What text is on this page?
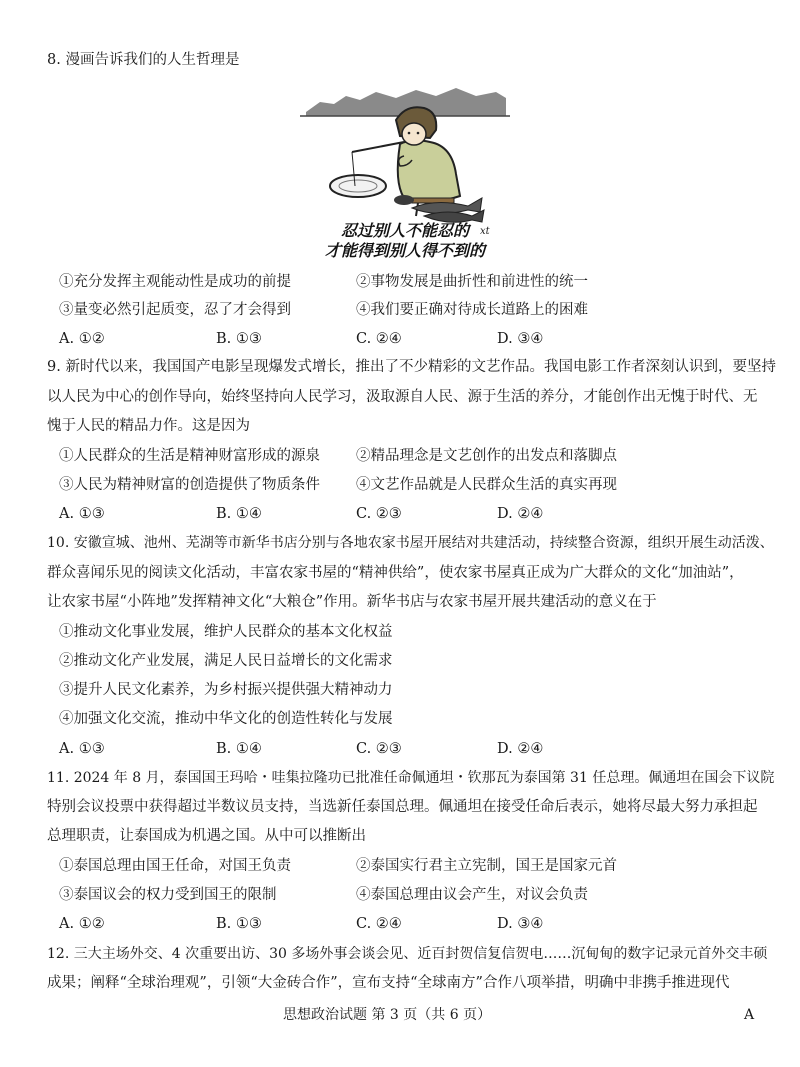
8. 漫画告诉我们的人生哲理是
xt
忍过别人不能忍的
才能得到别人得不到的
①充分发挥主观能动性是成功的前提	②事物发展是曲折性和前进性的统一
③量变必然引起质变，忍了才会得到	④我们要正确对待成长道路上的困难
A. ①②	B. ①③	C. ②④	D. ③④
9. 新时代以来，我国国产电影呈现爆发式增长，推出了不少精彩的文艺作品。我国电影工作者深刻认识到，要坚持
以人民为中心的创作导向，始终坚持向人民学习，汲取源自人民、源于生活的养分，才能创作出无愧于时代、无
愧于人民的精品力作。这是因为
①人民群众的生活是精神财富形成的源泉 ②精品理念是文艺创作的出发点和落脚点
③人民为精神财富的创造提供了物质条件 ④文艺作品就是人民群众生活的真实再现
A. ①③	B. ①④	C. ②③	D. ②④
10. 安徽宣城、池州、芜湖等市新华书店分别与各地农家书屋开展结对共建活动，持续整合资源，组织开展生动活泼、
群众喜闻乐见的阅读文化活动，丰富农家书屋的“精神供给”，使农家书屋真正成为广大群众的文化“加油站”，
让农家书屋“小阵地”发挥精神文化“大粮仓”作用。新华书店与农家书屋开展共建活动的意义在于
①推动文化事业发展，维护人民群众的基本文化权益
②推动文化产业发展，满足人民日益增长的文化需求
③提升人民文化素养，为乡村振兴提供强大精神动力
④加强文化交流，推动中华文化的创造性转化与发展
A. ①③	B. ①④	C. ②③	D. ②④
11. 2024 年 8 月，泰国国王玛哈・哇集拉隆功已批准任命佩通坦・钦那瓦为泰国第 31 任总理。佩通坦在国会下议院
特别会议投票中获得超过半数议员支持，当选新任泰国总理。佩通坦在接受任命后表示，她将尽最大努力承担起
总理职责，让泰国成为机遇之国。从中可以推断出
①泰国总理由国王任命，对国王负责	②泰国实行君主立宪制，国王是国家元首
③泰国议会的权力受到国王的限制	④泰国总理由议会产生，对议会负责
A. ①②	B. ①③	C. ②④	D. ③④
12. 三大主场外交、4 次重要出访、30 多场外事会谈会见、近百封贺信复信贺电……沉甸甸的数字记录元首外交丰硕
成果；阐释“全球治理观”，引领“大金砖合作”，宣布支持“全球南方”合作八项举措，明确中非携手推进现代
思想政治试题 第 3 页（共 6 页）	A
